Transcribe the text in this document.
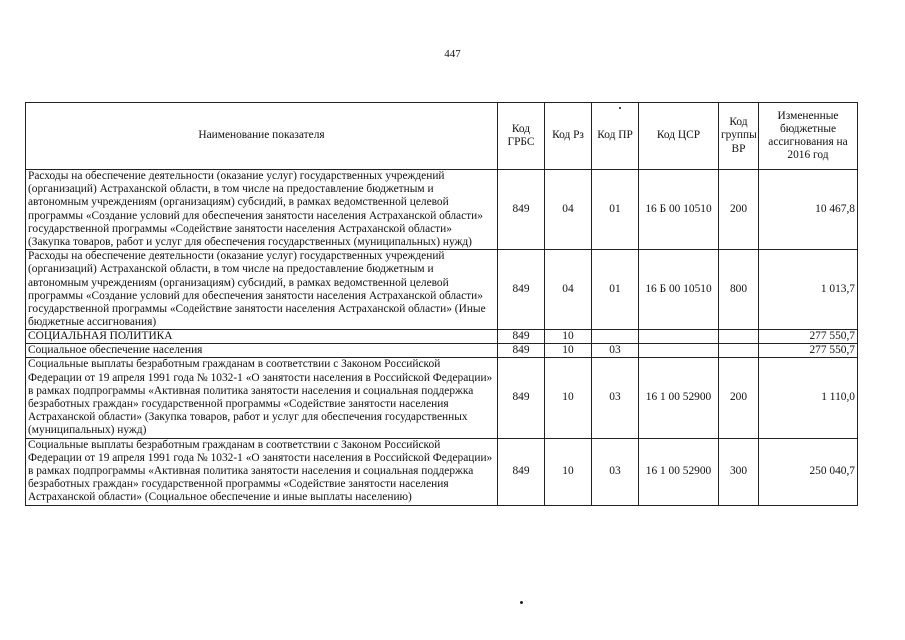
447
Наименование показателя	Код ГРБС	Код Рз	Код ПР	Код ЦСР	Код группы ВР	Измененные бюджетные ассигнования на 2016 год
Расходы на обеспечение деятельности (оказание услуг) государственных учреждений (организаций) Астраханской области, в том числе на предоставление бюджетным и автономным учреждениям (организациям) субсидий, в рамках ведомственной целевой программы «Создание условий для обеспечения занятости населения Астраханской области» государственной программы «Содействие занятости населения Астраханской области» (Закупка товаров, работ и услуг для обеспечения государственных (муниципальных) нужд)	849	04	01	16 Б 00 10510	200	10 467,8
Расходы на обеспечение деятельности (оказание услуг) государственных учреждений (организаций) Астраханской области, в том числе на предоставление бюджетным и автономным учреждениям (организациям) субсидий, в рамках ведомственной целевой программы «Создание условий для обеспечения занятости населения Астраханской области» государственной программы «Содействие занятости населения Астраханской области» (Иные бюджетные ассигнования)	849	04	01	16 Б 00 10510	800	1 013,7
СОЦИАЛЬНАЯ ПОЛИТИКА	849	10				277 550,7
Социальное обеспечение населения	849	10	03			277 550,7
Социальные выплаты безработным гражданам в соответствии с Законом Российской Федерации от 19 апреля 1991 года № 1032-1 «О занятости населения в Российской Федерации» в рамках подпрограммы «Активная политика занятости населения и социальная поддержка безработных граждан» государственной программы «Содействие занятости населения Астраханской области» (Закупка товаров, работ и услуг для обеспечения государственных (муниципальных) нужд)	849	10	03	16 1 00 52900	200	1 110,0
Социальные выплаты безработным гражданам в соответствии с Законом Российской Федерации от 19 апреля 1991 года № 1032-1 «О занятости населения в Российской Федерации» в рамках подпрограммы «Активная политика занятости населения и социальная поддержка безработных граждан» государственной программы «Содействие занятости населения Астраханской области» (Социальное обеспечение и иные выплаты населению)	849	10	03	16 1 00 52900	300	250 040,7
